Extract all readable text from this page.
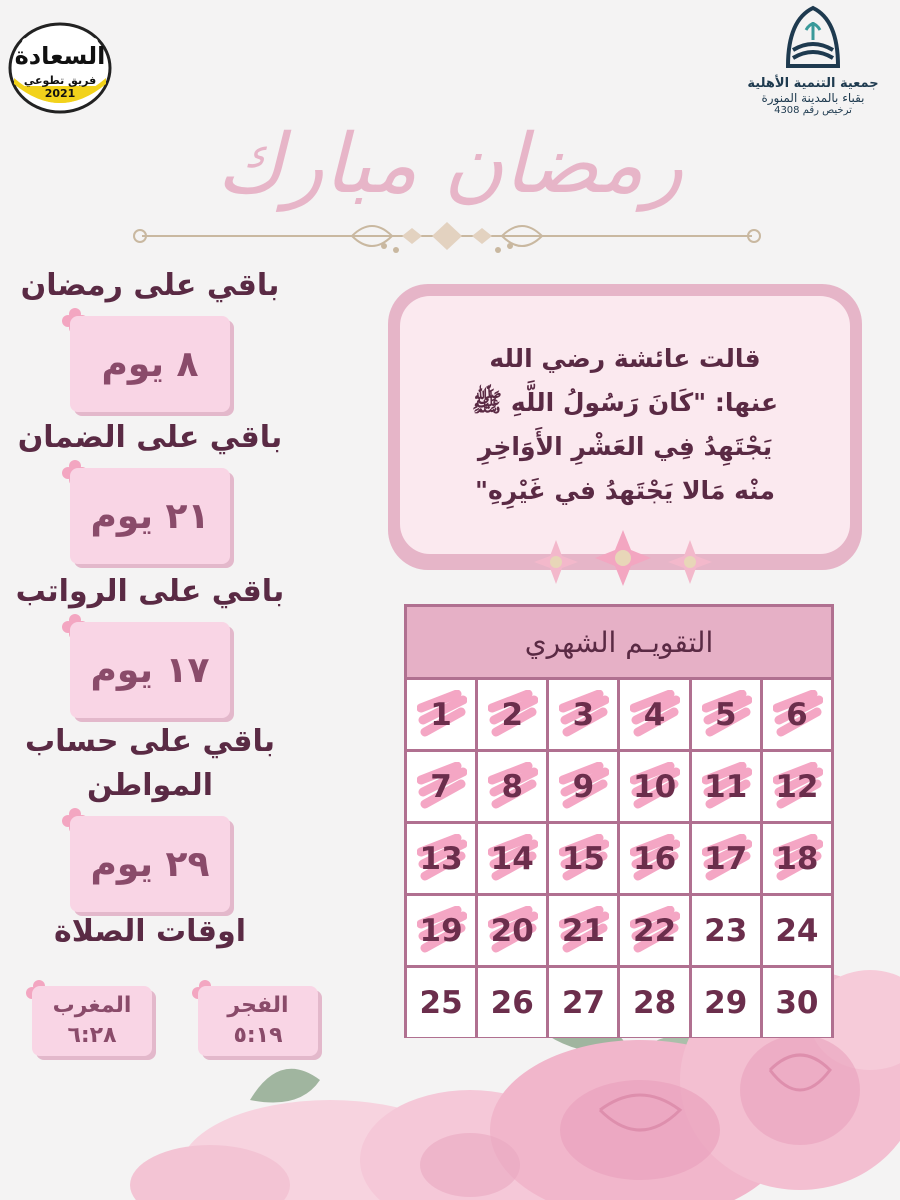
السعادة
فريق تطوعي 2021
جمعية التنمية الأهلية
بقباء بالمدينة المنورة
ترخيص رقم 4308
رمضان مبارك
باقي على رمضان
٨ يوم
باقي على الضمان
٢١ يوم
باقي على الرواتب
١٧ يوم
باقي على حساب
المواطن
٢٩ يوم
قالت عائشة رضي الله
عنها: "كَانَ رَسُولُ اللَّهِ ﷺ
يَجْتَهِدُ فِي العَشْرِ الأَوَاخِرِ
منْه مَالا يَجْتَهدُ في غَيْرِهِ"
التقويـم الشهري
1 2 3 4 5 6
7 8 9 10 11 12
13 14 15 16 17 18
19 20 21 22 23 24
25 26 27 28 29 30
اوقات الصلاة
المغرب
٦:٢٨
الفجر
٥:١٩
